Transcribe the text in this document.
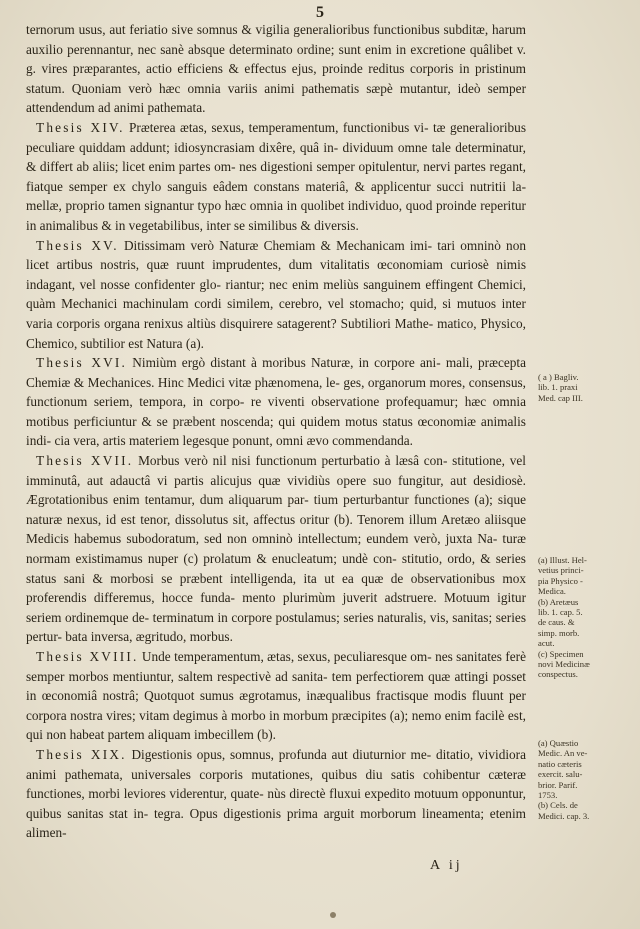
5

ternorum usus, aut feriatio sive somnus & vigilia generalioribus functionibus subditæ, harum auxilio perennantur, nec sanè absque determinato ordine; sunt enim in excretione quâlibet v. g. vires præparantes, actio efficiens & effectus ejus, proinde reditus corporis in pristinum statum. Quoniam verò hæc omnia variis animi pathematis sæpè mutantur, ideò semper attendendum ad animi pathemata.

Thesis XIV. Præterea ætas, sexus, temperamentum, functionibus vi- tæ generalioribus peculiare quiddam addunt; idiosyncrasiam dixêre, quâ in- dividuum omne tale determinatur, & differt ab aliis; licet enim partes om- nes digestioni semper opitulentur, nervi partes regant, fiatque semper ex chylo sanguis eâdem constans materiâ, & applicentur succi nutritii la- mellæ, proprio tamen signantur typo hæc omnia in quolibet individuo, quod proinde reperitur in animalibus & in vegetabilibus, inter se similibus & diversis.

Thesis XV. Ditissimam verò Naturæ Chemiam & Mechanicam imi- tari omninò non licet artibus nostris, quæ ruunt imprudentes, dum vitalitatis œconomiam curiosè nimis indagant, vel nosse confidenter glo- riantur; nec enim meliùs sanguinem effingent Chemici, quàm Mechanici machinulam cordi similem, cerebro, vel stomacho; quid, si mutuos inter varia corporis organa renixus altiùs disquirere satagerent? Subtiliori Mathe- matico, Physico, Chemico, subtilior est Natura (a).

Thesis XVI. Nimiùm ergò distant à moribus Naturæ, in corpore ani- mali, præcepta Chemiæ & Mechanices. Hinc Medici vitæ phænomena, le- ges, organorum mores, consensus, functionum seriem, tempora, in corpo- re viventi observatione profequamur; hæc omnia motibus perficiuntur & se præbent noscenda; qui quidem motus status œconomiæ animalis indi- cia vera, artis materiem legesque ponunt, omni ævo commendanda.

Thesis XVII. Morbus verò nil nisi functionum perturbatio à læsâ con- stitutione, vel imminutâ, aut adauctâ vi partis alicujus quæ vividiùs opere suo fungitur, aut desidiosè. Ægrotationibus enim tentamur, dum aliquarum par- tium perturbantur functiones (a); sique naturæ nexus, id est tenor, dissolutus sit, affectus oritur (b). Tenorem illum Aretæo aliisque Medicis habemus subodoratum, sed non omninò intellectum; eundem verò, juxta Na- turæ normam existimamus nuper (c) prolatum & enucleatum; undè con- stitutio, ordo, & series status sani & morbosi se præbent intelligenda, ita ut ea quæ de observationibus mox proferendis differemus, hocce funda- mento plurimùm juverit adstruere. Motuum igitur seriem ordinemque de- terminatum in corpore postulamus; series naturalis, vis, sanitas; series pertur- bata inversa, ægritudo, morbus.

Thesis XVIII. Unde temperamentum, ætas, sexus, peculiaresque om- nes sanitates ferè semper morbos mentiuntur, saltem respectivè ad sanita- tem perfectiorem quæ attingi posset in œconomiâ nostrâ; Quotquot sumus ægrotamus, inæqualibus fractisque modis fluunt per corpora nostra vires; vitam degimus à morbo in morbum præcipites (a); nemo enim facilè est, qui non habeat partem aliquam imbecillem (b).

Thesis XIX. Digestionis opus, somnus, profunda aut diuturnior me- ditatio, vividiora animi pathemata, universales corporis mutationes, quibus diu satis cohibentur cæteræ functiones, morbi leviores viderentur, quate- nùs directè fluxui expedito motuum opponuntur, quibus sanitas stat in- tegra. Opus digestionis prima arguit morborum lineamenta; etenim alimen-

( a ) Bagliv.
lib. 1. praxi
Med. cap III.

(a) Illust. Hel-
vetius princi-
pia Physico -
Medica.
(b) Aretæus
lib. 1. cap. 5.
de caus. &
simp. morb.
acut.
(c) Specimen
novi Medicinæ
conspectus.

(a) Quæstio
Medic. An ve-
natio cæteris
exercit. salu-
brior. Parif.
1753.
(b) Cels. de
Medici. cap. 3.

A ij
